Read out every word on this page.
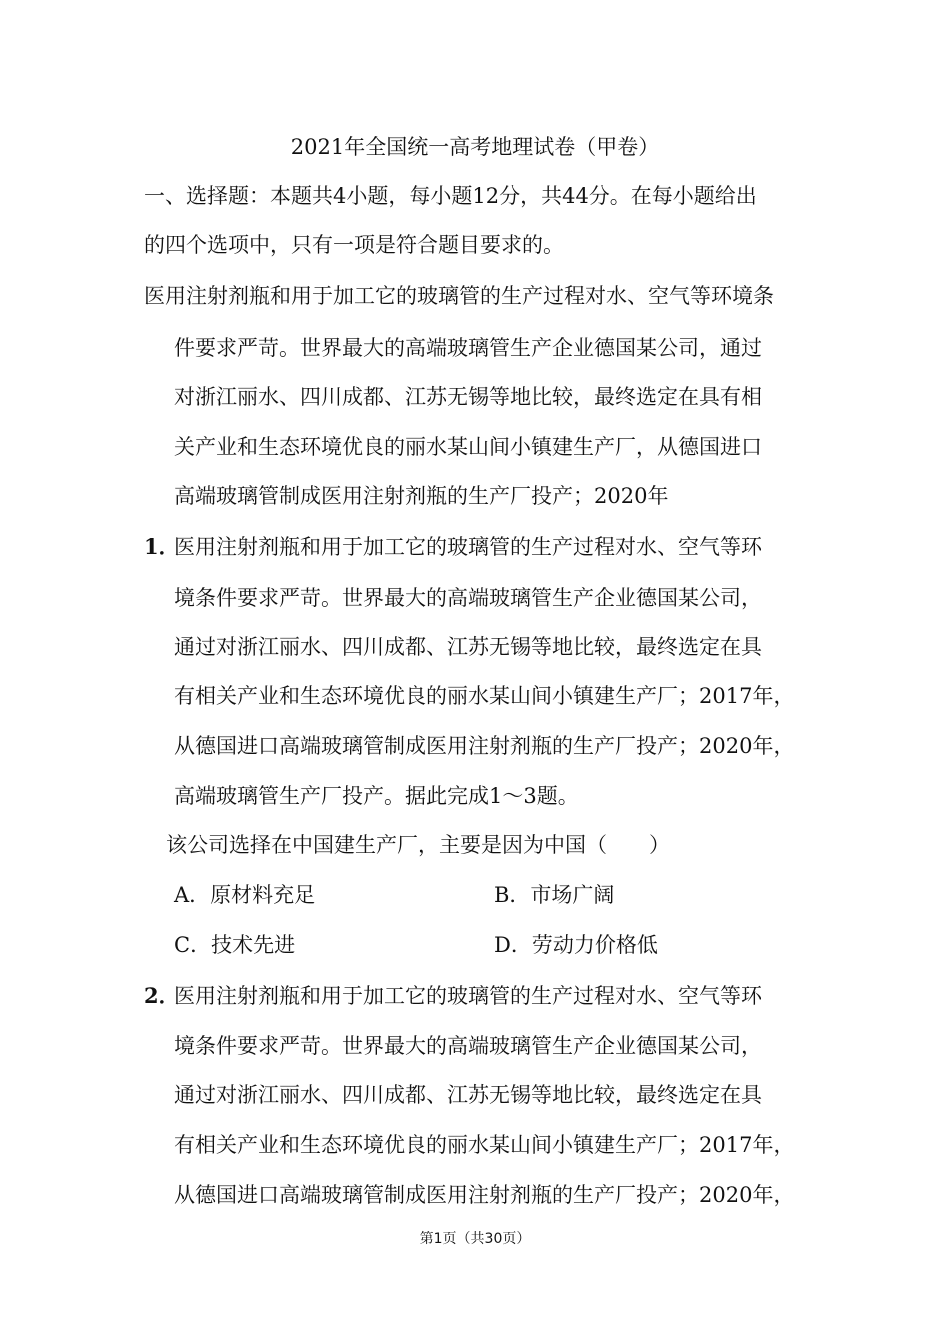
2021年全国统一高考地理试卷（甲卷）
一、选择题：本题共4小题，每小题12分，共44分。在每小题给出
的四个选项中，只有一项是符合题目要求的。
医用注射剂瓶和用于加工它的玻璃管的生产过程对水、空气等环境条
件要求严苛。世界最大的高端玻璃管生产企业德国某公司，通过
对浙江丽水、四川成都、江苏无锡等地比较，最终选定在具有相
关产业和生态环境优良的丽水某山间小镇建生产厂，从德国进口
高端玻璃管制成医用注射剂瓶的生产厂投产；2020年
1．
医用注射剂瓶和用于加工它的玻璃管的生产过程对水、空气等环
境条件要求严苛。世界最大的高端玻璃管生产企业德国某公司，
通过对浙江丽水、四川成都、江苏无锡等地比较，最终选定在具
有相关产业和生态环境优良的丽水某山间小镇建生产厂；2017年，
从德国进口高端玻璃管制成医用注射剂瓶的生产厂投产；2020年，
高端玻璃管生产厂投产。据此完成1～3题。
该公司选择在中国建生产厂，主要是因为中国（　　）
A．原材料充足	B．市场广阔
C．技术先进	D．劳动力价格低
2．
医用注射剂瓶和用于加工它的玻璃管的生产过程对水、空气等环
境条件要求严苛。世界最大的高端玻璃管生产企业德国某公司，
通过对浙江丽水、四川成都、江苏无锡等地比较，最终选定在具
有相关产业和生态环境优良的丽水某山间小镇建生产厂；2017年，
从德国进口高端玻璃管制成医用注射剂瓶的生产厂投产；2020年，
第1页（共30页）
